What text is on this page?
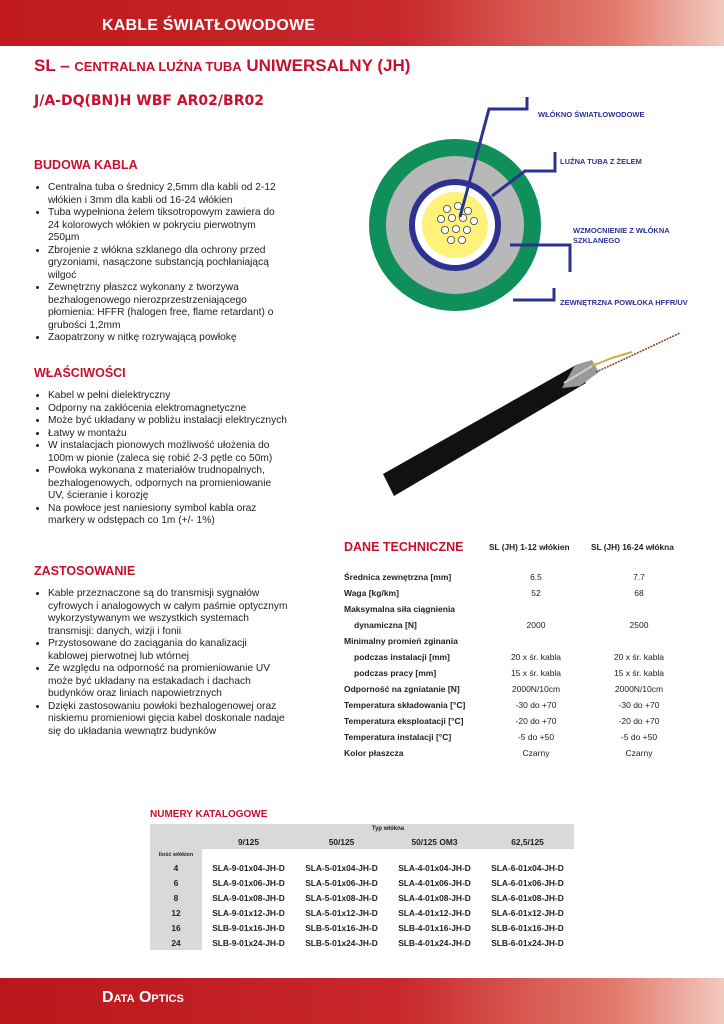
KABLE ŚWIATŁOWODOWE
SL – CENTRALNA LUŹNA TUBA UNIWERSALNY (JH)
J/A-DQ(BN)H WBF AR02/BR02
BUDOWA KABLA
• Centralna tuba o średnicy 2,5mm dla kabli od 2-12 włókien i 3mm dla kabli od 16-24 włókien
• Tuba wypełniona żelem tiksotropowym zawiera do 24 kolorowych włókien w pokryciu pierwotnym 250µm
• Zbrojenie z włókna szklanego dla ochrony przed gryzoniami, nasączone substancją pochłaniającą wilgoć
• Zewnętrzny płaszcz wykonany z tworzywa bezhalogenowego nierozprzestrzeniającego płomienia: HFFR (halogen free, flame retardant) o grubości 1,2mm
• Zaopatrzony w nitkę rozrywającą powłokę
WŁÓKNO ŚWIATŁOWODOWE
LUŹNA TUBA Z ŻELEM
WZMOCNIENIE Z WŁÓKNA SZKLANEGO
ZEWNĘTRZNA POWŁOKA HFFR/UV
WŁAŚCIWOŚCI
• Kabel w pełni dielektryczny
• Odporny na zakłócenia elektromagnetyczne
• Może być układany w pobliżu instalacji elektrycznych
• Łatwy w montażu
• W instalacjach pionowych możliwość ułożenia do 100m w pionie (zaleca się robić 2-3 pętle co 50m)
• Powłoka wykonana z materiałów trudnopalnych, bezhalogenowych, odpornych na promieniowanie UV, ścieranie i korozję
• Na powłoce jest naniesiony symbol kabla oraz markery w odstępach co 1m (+/- 1%)
ZASTOSOWANIE
• Kable przeznaczone są do transmisji sygnałów cyfrowych i analogowych w całym paśmie optycznym wykorzystywanym we wszystkich systemach transmisji: danych, wizji i fonii
• Przystosowane do zaciągania do kanalizacji kablowej pierwotnej lub wtórnej
• Ze względu na odporność na promieniowanie UV może być układany na estakadach i dachach budynków oraz liniach napowietrznych
• Dzięki zastosowaniu powłoki bezhalogenowej oraz niskiemu promieniowi gięcia kabel doskonale nadaje się do układania wewnątrz budynków
DANE TECHNICZNE	SL (JH) 1-12 włókien	SL (JH) 16-24 włókna
Średnica zewnętrzna [mm]	6.5	7.7
Waga [kg/km]	52	68
Maksymalna siła ciągnienia
dynamiczna [N]	2000	2500
Minimalny promień zginania
podczas instalacji [mm]	20 x śr. kabla	20 x śr. kabla
podczas pracy [mm]	15 x śr. kabla	15 x śr. kabla
Odporność na zgniatanie [N]	2000N/10cm	2000N/10cm
Temperatura składowania [°C]	-30 do +70	-30 do +70
Temperatura eksploatacji [°C]	-20 do +70	-20 do +70
Temperatura instalacji [°C]	-5 do +50	-5 do +50
Kolor płaszcza	Czarny	Czarny
NUMERY KATALOGOWE
	Typ włókna			
	9/125	50/125	50/125 OM3	62,5/125
Ilość włókien				
4	SLA-9-01x04-JH-D	SLA-5-01x04-JH-D	SLA-4-01x04-JH-D	SLA-6-01x04-JH-D
6	SLA-9-01x06-JH-D	SLA-5-01x06-JH-D	SLA-4-01x06-JH-D	SLA-6-01x06-JH-D
8	SLA-9-01x08-JH-D	SLA-5-01x08-JH-D	SLA-4-01x08-JH-D	SLA-6-01x08-JH-D
12	SLA-9-01x12-JH-D	SLA-5-01x12-JH-D	SLA-4-01x12-JH-D	SLA-6-01x12-JH-D
16	SLB-9-01x16-JH-D	SLB-5-01x16-JH-D	SLB-4-01x16-JH-D	SLB-6-01x16-JH-D
24	SLB-9-01x24-JH-D	SLB-5-01x24-JH-D	SLB-4-01x24-JH-D	SLB-6-01x24-JH-D
Data Optics
